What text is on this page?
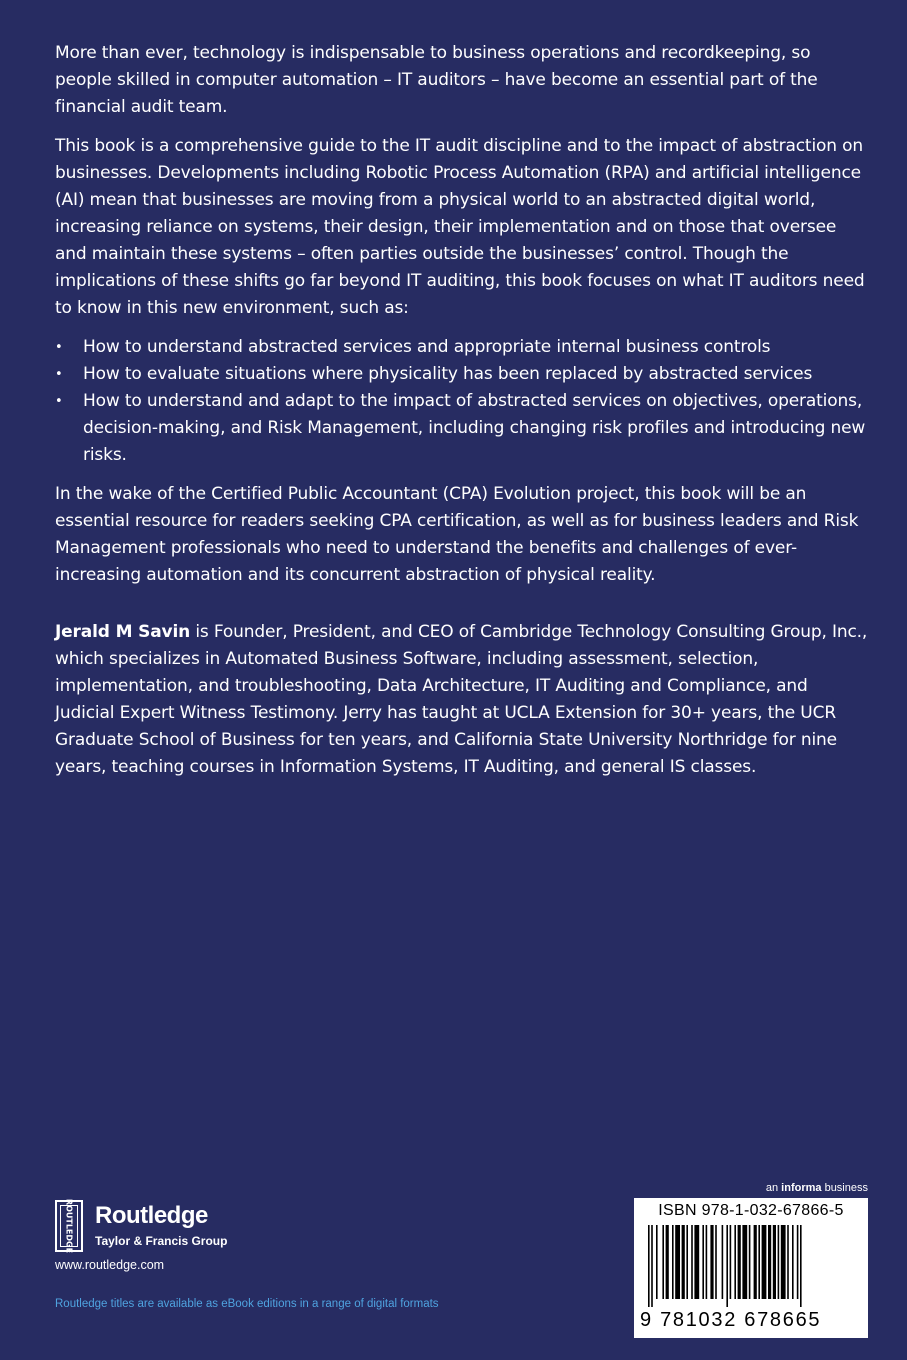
More than ever, technology is indispensable to business operations and recordkeeping, so people skilled in computer automation – IT auditors – have become an essential part of the financial audit team.

This book is a comprehensive guide to the IT audit discipline and to the impact of abstraction on businesses. Developments including Robotic Process Automation (RPA) and artificial intelligence (AI) mean that businesses are moving from a physical world to an abstracted digital world, increasing reliance on systems, their design, their implementation and on those that oversee and maintain these systems – often parties outside the businesses’ control. Though the implications of these shifts go far beyond IT auditing, this book focuses on what IT auditors need to know in this new environment, such as:

• How to understand abstracted services and appropriate internal business controls
• How to evaluate situations where physicality has been replaced by abstracted services
• How to understand and adapt to the impact of abstracted services on objectives, operations, decision-making, and Risk Management, including changing risk profiles and introducing new risks.

In the wake of the Certified Public Accountant (CPA) Evolution project, this book will be an essential resource for readers seeking CPA certification, as well as for business leaders and Risk Management professionals who need to understand the benefits and challenges of ever-increasing automation and its concurrent abstraction of physical reality.

Jerald M Savin is Founder, President, and CEO of Cambridge Technology Consulting Group, Inc., which specializes in Automated Business Software, including assessment, selection, implementation, and troubleshooting, Data Architecture, IT Auditing and Compliance, and Judicial Expert Witness Testimony. Jerry has taught at UCLA Extension for 30+ years, the UCR Graduate School of Business for ten years, and California State University Northridge for nine years, teaching courses in Information Systems, IT Auditing, and general IS classes.

ROUTLEDGE Routledge
Taylor & Francis Group
www.routledge.com
Routledge titles are available as eBook editions in a range of digital formats
an informa business
ISBN 978-1-032-67866-5
9 781032 678665
